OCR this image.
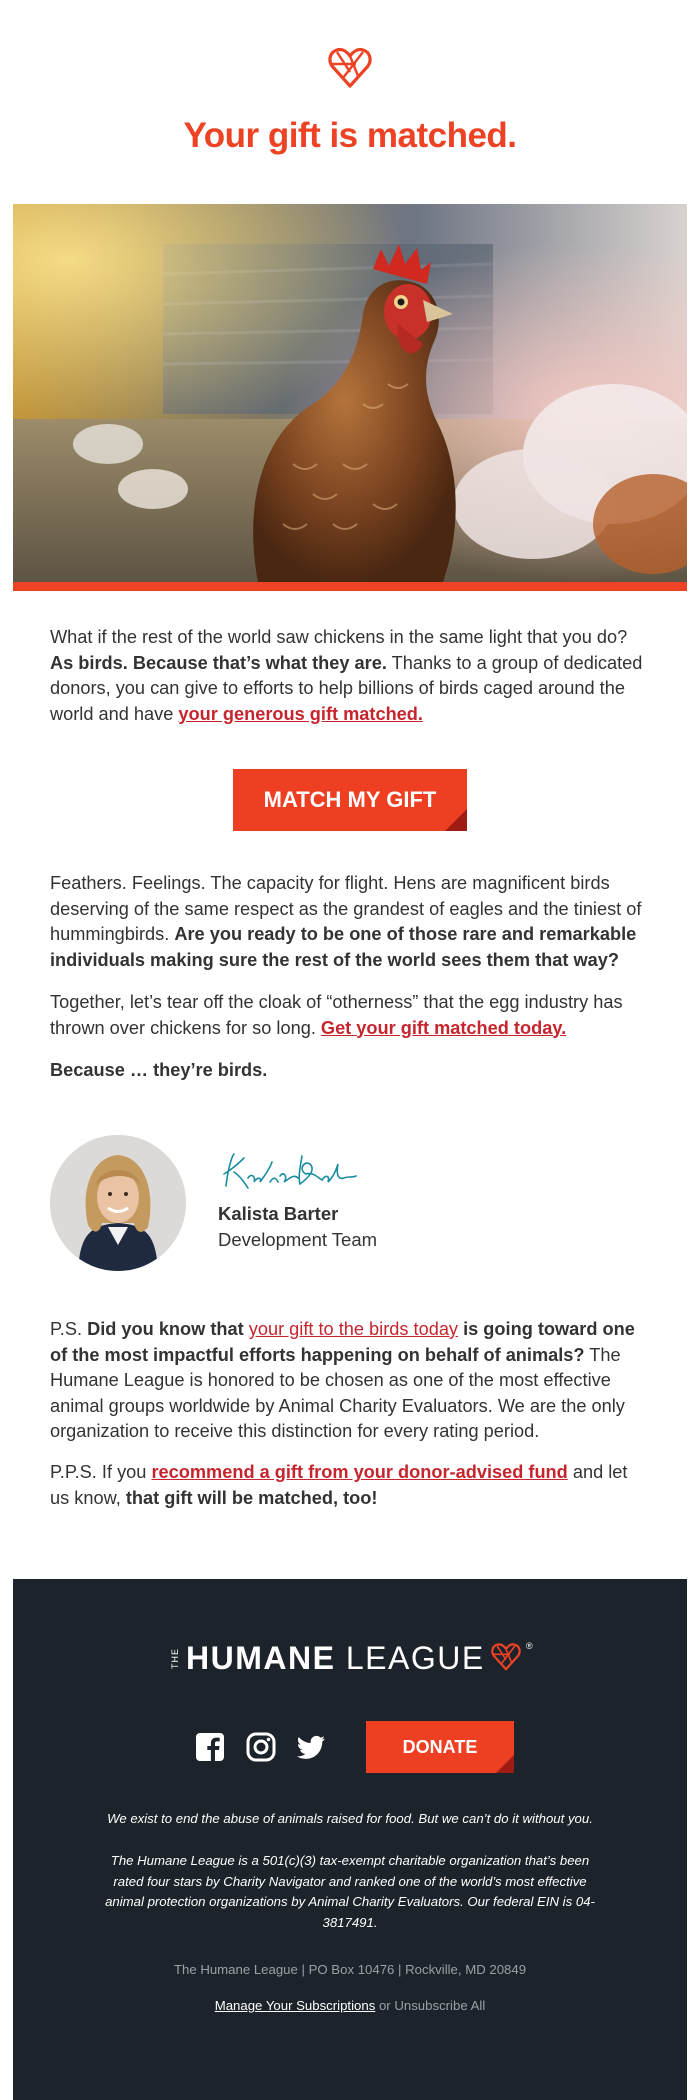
Your gift is matched.

What if the rest of the world saw chickens in the same light that you do? As birds. Because that’s what they are. Thanks to a group of dedicated donors, you can give to efforts to help billions of birds caged around the world and have your generous gift matched.

MATCH MY GIFT

Feathers. Feelings. The capacity for flight. Hens are magnificent birds deserving of the same respect as the grandest of eagles and the tiniest of hummingbirds. Are you ready to be one of those rare and remarkable individuals making sure the rest of the world sees them that way?

Together, let’s tear off the cloak of “otherness” that the egg industry has thrown over chickens for so long. Get your gift matched today.

Because … they’re birds.

Kalista Barter
Development Team

P.S. Did you know that your gift to the birds today is going toward one of the most impactful efforts happening on behalf of animals? The Humane League is honored to be chosen as one of the most effective animal groups worldwide by Animal Charity Evaluators. We are the only organization to receive this distinction for every rating period.

P.P.S. If you recommend a gift from your donor-advised fund and let us know, that gift will be matched, too!

THE HUMANE LEAGUE	®
DONATE
We exist to end the abuse of animals raised for food. But we can’t do it without you.
The Humane League is a 501(c)(3) tax-exempt charitable organization that’s been rated four stars by Charity Navigator and ranked one of the world’s most effective animal protection organizations by Animal Charity Evaluators. Our federal EIN is 04-3817491.
The Humane League | PO Box 10476 | Rockville, MD 20849
Manage Your Subscriptions or Unsubscribe All
